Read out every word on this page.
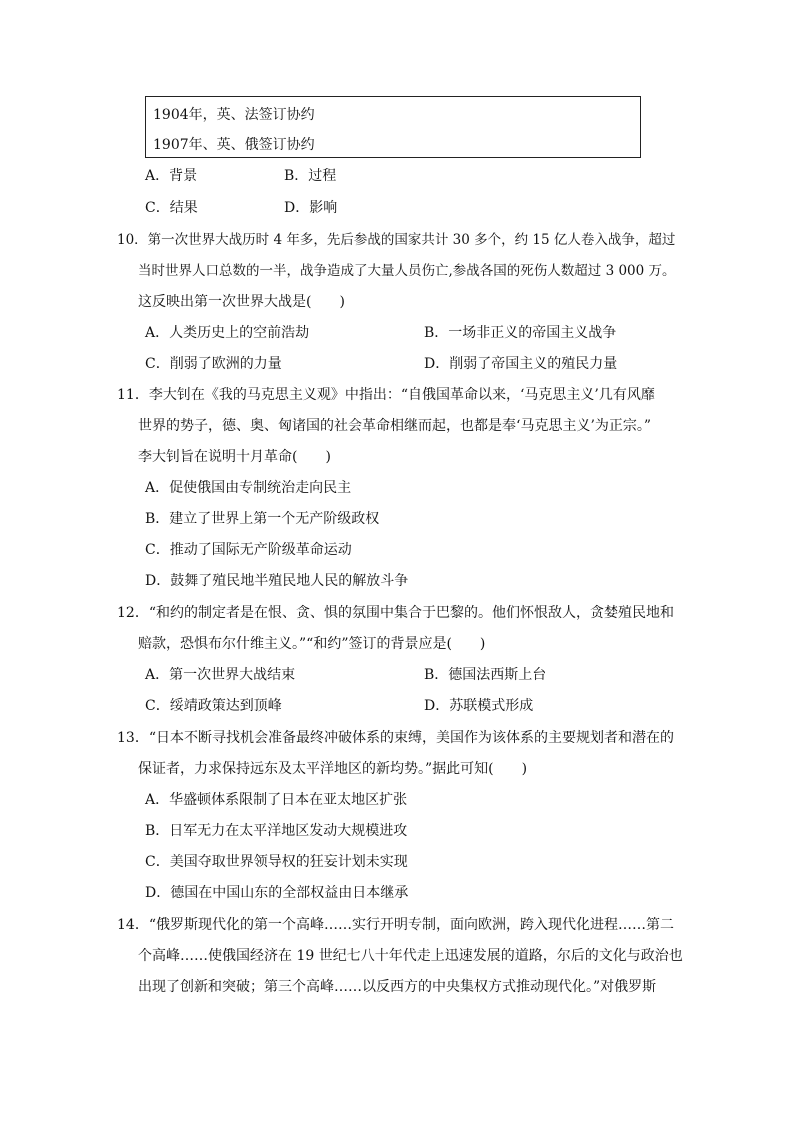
1904年，英、法签订协约
1907年、英、俄签订协约
A．背景	B．过程
C．结果	D．影响
10．第一次世界大战历时 4 年多，先后参战的国家共计 30 多个，约 15 亿人卷入战争，超过
当时世界人口总数的一半，战争造成了大量人员伤亡,参战各国的死伤人数超过 3 000 万。
这反映出第一次世界大战是(　　)
A．人类历史上的空前浩劫	B．一场非正义的帝国主义战争
C．削弱了欧洲的力量	D．削弱了帝国主义的殖民力量
11．李大钊在《我的马克思主义观》中指出：“自俄国革命以来，‘马克思主义’几有风靡
世界的势子，德、奥、匈诸国的社会革命相继而起，也都是奉‘马克思主义’为正宗。”
李大钊旨在说明十月革命(　　)
A．促使俄国由专制统治走向民主
B．建立了世界上第一个无产阶级政权
C．推动了国际无产阶级革命运动
D．鼓舞了殖民地半殖民地人民的解放斗争
12．“和约的制定者是在恨、贪、惧的氛围中集合于巴黎的。他们怀恨敌人，贪婪殖民地和
赔款，恐惧布尔什维主义。”“和约”签订的背景应是(　　)
A．第一次世界大战结束	B．德国法西斯上台
C．绥靖政策达到顶峰	D．苏联模式形成
13．“日本不断寻找机会准备最终冲破体系的束缚，美国作为该体系的主要规划者和潜在的
保证者，力求保持远东及太平洋地区的新均势。”据此可知(　　)
A．华盛顿体系限制了日本在亚太地区扩张
B．日军无力在太平洋地区发动大规模进攻
C．美国夺取世界领导权的狂妄计划未实现
D．德国在中国山东的全部权益由日本继承
14．“俄罗斯现代化的第一个高峰……实行开明专制，面向欧洲，跨入现代化进程……第二
个高峰……使俄国经济在 19 世纪七八十年代走上迅速发展的道路，尔后的文化与政治也
出现了创新和突破；第三个高峰……以反西方的中央集权方式推动现代化。”对俄罗斯
